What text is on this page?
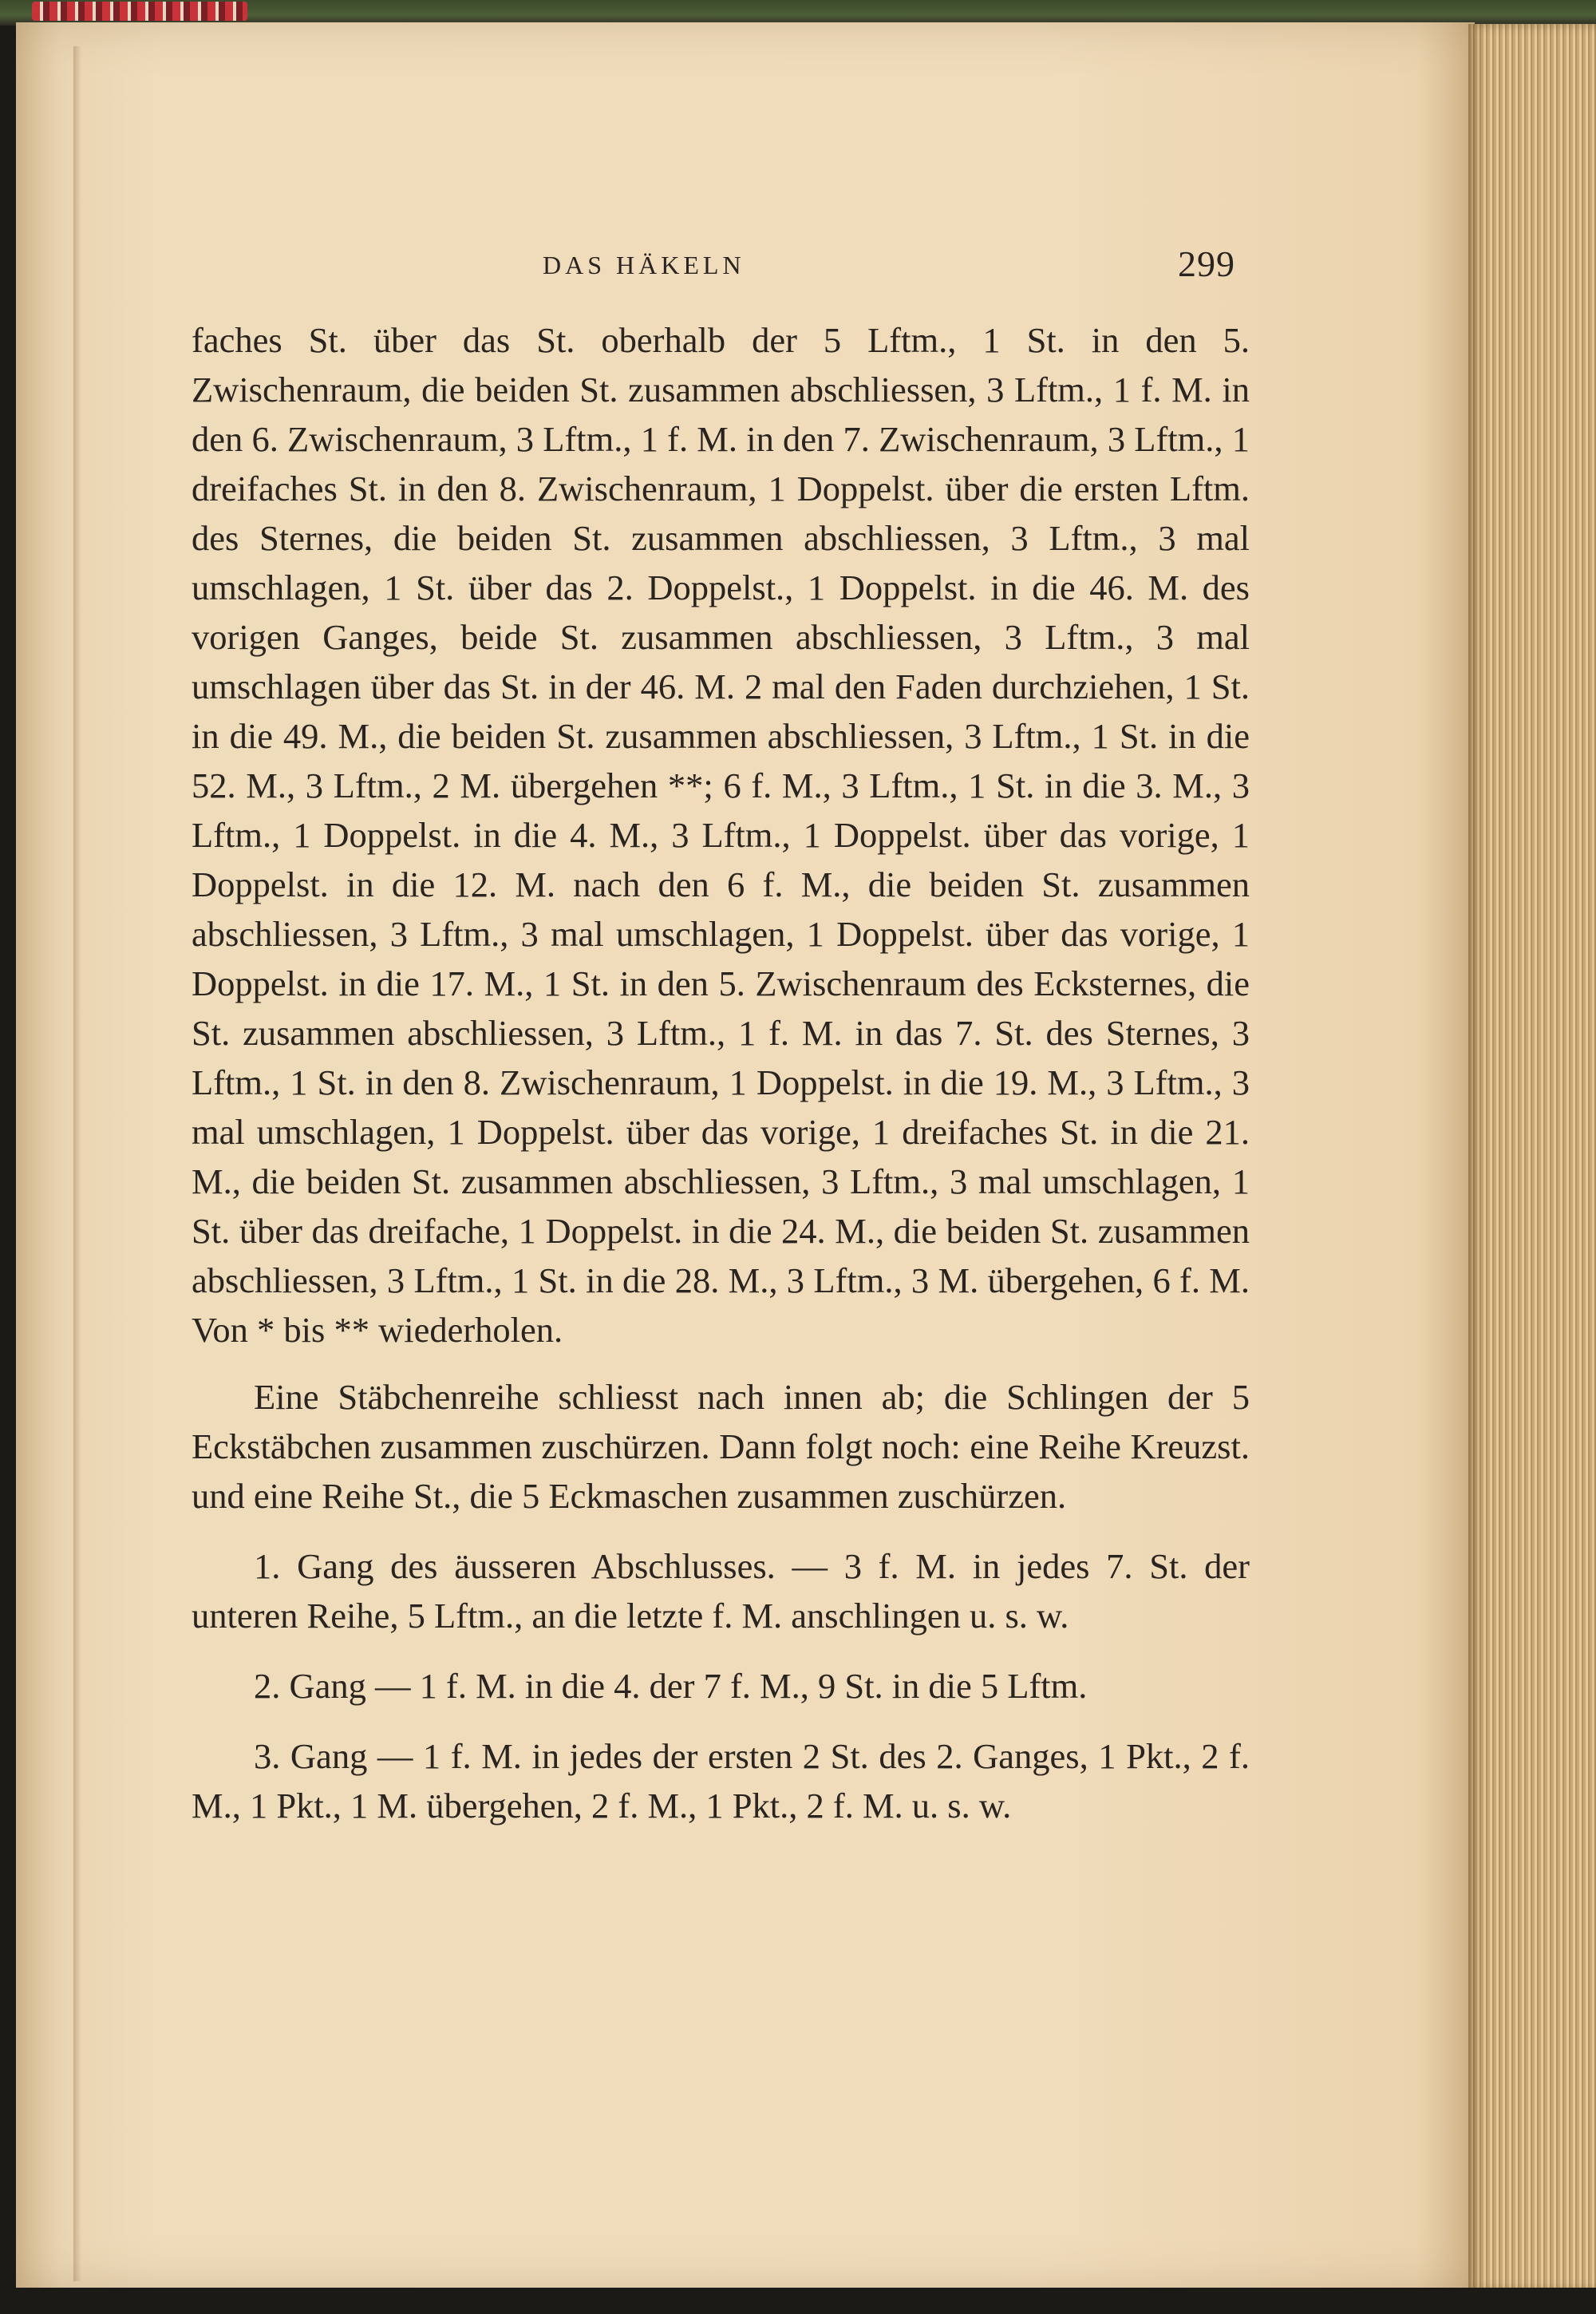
DAS HÄKELN	299

faches St. über das St. oberhalb der 5 Lftm., 1 St. in den 5. Zwischenraum, die beiden St. zusammen abschliessen, 3 Lftm., 1 f. M. in den 6. Zwischenraum, 3 Lftm., 1 f. M. in den 7. Zwischenraum, 3 Lftm., 1 dreifaches St. in den 8. Zwischenraum, 1 Doppelst. über die ersten Lftm. des Sternes, die beiden St. zusammen abschliessen, 3 Lftm., 3 mal umschlagen, 1 St. über das 2. Doppelst., 1 Doppelst. in die 46. M. des vorigen Ganges, beide St. zusammen abschliessen, 3 Lftm., 3 mal umschlagen über das St. in der 46. M. 2 mal den Faden durchziehen, 1 St. in die 49. M., die beiden St. zusammen abschliessen, 3 Lftm., 1 St. in die 52. M., 3 Lftm., 2 M. übergehen **; 6 f. M., 3 Lftm., 1 St. in die 3. M., 3 Lftm., 1 Doppelst. in die 4. M., 3 Lftm., 1 Doppelst. über das vorige, 1 Doppelst. in die 12. M. nach den 6 f. M., die beiden St. zusammen abschliessen, 3 Lftm., 3 mal umschlagen, 1 Doppelst. über das vorige, 1 Doppelst. in die 17. M., 1 St. in den 5. Zwischenraum des Ecksternes, die St. zusammen abschliessen, 3 Lftm., 1 f. M. in das 7. St. des Sternes, 3 Lftm., 1 St. in den 8. Zwischenraum, 1 Doppelst. in die 19. M., 3 Lftm., 3 mal umschlagen, 1 Doppelst. über das vorige, 1 dreifaches St. in die 21. M., die beiden St. zusammen abschliessen, 3 Lftm., 3 mal umschlagen, 1 St. über das dreifache, 1 Doppelst. in die 24. M., die beiden St. zusammen abschliessen, 3 Lftm., 1 St. in die 28. M., 3 Lftm., 3 M. übergehen, 6 f. M. Von * bis ** wiederholen.

Eine Stäbchenreihe schliesst nach innen ab; die Schlingen der 5 Eckstäbchen zusammen zuschürzen. Dann folgt noch: eine Reihe Kreuzst. und eine Reihe St., die 5 Eckmaschen zusammen zuschürzen.

1. Gang des äusseren Abschlusses. — 3 f. M. in jedes 7. St. der unteren Reihe, 5 Lftm., an die letzte f. M. anschlingen u. s. w.

2. Gang — 1 f. M. in die 4. der 7 f. M., 9 St. in die 5 Lftm.

3. Gang — 1 f. M. in jedes der ersten 2 St. des 2. Ganges, 1 Pkt., 2 f. M., 1 Pkt., 1 M. übergehen, 2 f. M., 1 Pkt., 2 f. M. u. s. w.
